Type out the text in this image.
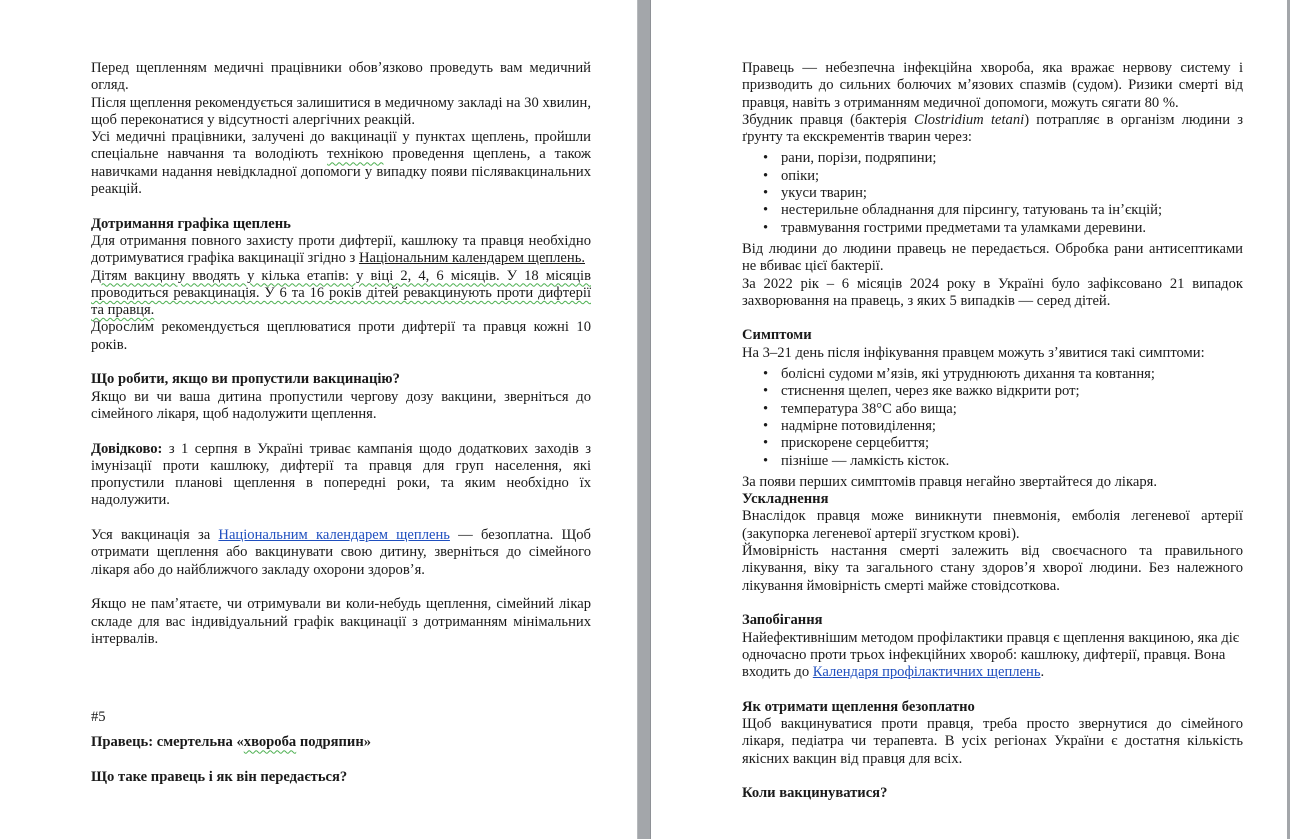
Перед щепленням медичні працівники обовʼязково проведуть вам медичний огляд.

Після щеплення рекомендується залишитися в медичному закладі на 30 хвилин, щоб переконатися у відсутності алергічних реакцій.

Усі медичні працівники, залучені до вакцинації у пунктах щеплень, пройшли спеціальне навчання та володіють технікою проведення щеплень, а також навичками надання невідкладної допомоги у випадку появи післявакцинальних реакцій.

Дотримання графіка щеплень

Для отримання повного захисту проти дифтерії, кашлюку та правця необхідно дотримуватися графіка вакцинації згідно з Національним календарем щеплень.

Дітям вакцину вводять у кілька етапів: у віці 2, 4, 6 місяців. У 18 місяців проводиться ревакцинація. У 6 та 16 років дітей ревакцинують проти дифтерії та правця.

Дорослим рекомендується щеплюватися проти дифтерії та правця кожні 10 років.

Що робити, якщо ви пропустили вакцинацію?

Якщо ви чи ваша дитина пропустили чергову дозу вакцини, зверніться до сімейного лікаря, щоб надолужити щеплення.

Довідково: з 1 серпня в Україні триває кампанія щодо додаткових заходів з імунізації проти кашлюку, дифтерії та правця для груп населення, які пропустили планові щеплення в попередні роки, та яким необхідно їх надолужити.

Уся вакцинація за Національним календарем щеплень — безоплатна. Щоб отримати щеплення або вакцинувати свою дитину, зверніться до сімейного лікаря або до найближчого закладу охорони здоровʼя.

Якщо не памʼятаєте, чи отримували ви коли-небудь щеплення, сімейний лікар складе для вас індивідуальний графік вакцинації з дотриманням мінімальних інтервалів.

#5

Правець: смертельна «хвороба подряпин»

Що таке правець і як він передається?

Правець — небезпечна інфекційна хвороба, яка вражає нервову систему і призводить до сильних болючих мʼязових спазмів (судом). Ризики смерті від правця, навіть з отриманням медичної допомоги, можуть сягати 80 %.

Збудник правця (бактерія Clostridium tetani) потрапляє в організм людини з ґрунту та екскрементів тварин через:

• рани, порізи, подряпини;
• опіки;
• укуси тварин;
• нестерильне обладнання для пірсингу, татуювань та інʼєкцій;
• травмування гострими предметами та уламками деревини.

Від людини до людини правець не передається. Обробка рани антисептиками не вбиває цієї бактерії.

За 2022 рік – 6 місяців 2024 року в Україні було зафіксовано 21 випадок захворювання на правець, з яких 5 випадків — серед дітей.

Симптоми

На 3–21 день після інфікування правцем можуть зʼявитися такі симптоми:

• болісні судоми мʼязів, які утруднюють дихання та ковтання;
• стиснення щелеп, через яке важко відкрити рот;
• температура 38°C або вища;
• надмірне потовиділення;
• прискорене серцебиття;
• пізніше — ламкість кісток.

За появи перших симптомів правця негайно звертайтеся до лікаря.

Ускладнення

Внаслідок правця може виникнути пневмонія, емболія легеневої артерії (закупорка легеневої артерії згустком крові).

Ймовірність настання смерті залежить від своєчасного та правильного лікування, віку та загального стану здоровʼя хворої людини. Без належного лікування ймовірність смерті майже стовідсоткова.

Запобігання

Найефективнішим методом профілактики правця є щеплення вакциною, яка діє одночасно проти трьох інфекційних хвороб: кашлюку, дифтерії, правця. Вона входить до Календаря профілактичних щеплень.

Як отримати щеплення безоплатно

Щоб вакцинуватися проти правця, треба просто звернутися до сімейного лікаря, педіатра чи терапевта. В усіх регіонах України є достатня кількість якісних вакцин від правця для всіх.

Коли вакцинуватися?
